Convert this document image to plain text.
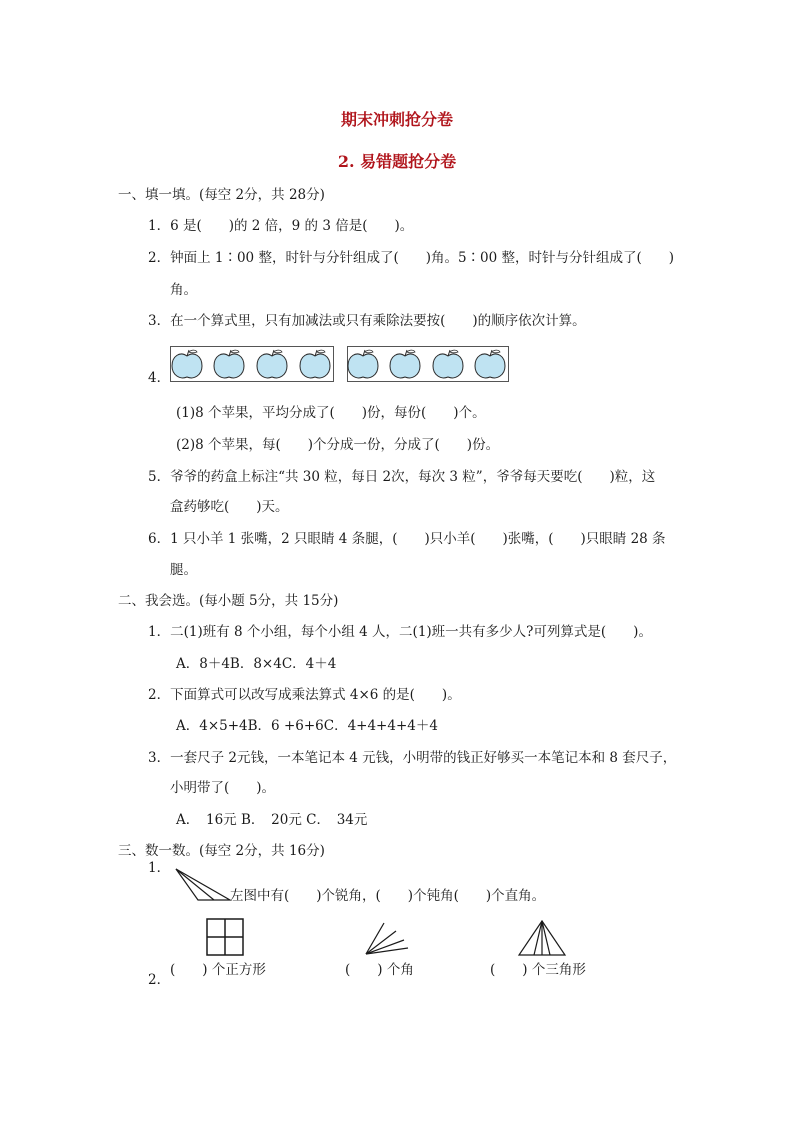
期末冲刺抢分卷
2. 易错题抢分卷
一、填一填。(每空 2分，共 28分)
1．6 是(　　)的 2 倍，9 的 3 倍是(　　)。
2．钟面上 1∶00 整，时针与分针组成了(　　)角。5∶00 整，时针与分针组成了(　　)
角。
3．在一个算式里，只有加减法或只有乘除法要按(　　)的顺序依次计算。
4．
(1)8 个苹果，平均分成了(　　)份，每份(　　)个。
(2)8 个苹果，每(　　)个分成一份，分成了(　　)份。
5．爷爷的药盒上标注“共 30 粒，每日 2次，每次 3 粒”，爷爷每天要吃(　　)粒，这
盒药够吃(　　)天。
6．1 只小羊 1 张嘴，2 只眼睛 4 条腿，(　　)只小羊(　　)张嘴，(　　)只眼睛 28 条
腿。
二、我会选。(每小题 5分，共 15分)
1．二(1)班有 8 个小组，每个小组 4 人，二(1)班一共有多少人?可列算式是(　　)。
A．8＋4B．8×4C．4＋4
2．下面算式可以改写成乘法算式 4×6 的是(　　)。
A．4×5+4B．6 +6+6C．4+4+4+4＋4
3．一套尺子 2元钱，一本笔记本 4 元钱，小明带的钱正好够买一本笔记本和 8 套尺子，
小明带了(　　)。
A．　16元 B．　20元 C．　34元
三、数一数。(每空 2分，共 16分)
1．
左图中有(　　)个锐角，(　　)个钝角(　　)个直角。
(　　) 个正方形	(　　) 个角	(　　) 个三角形
2．
